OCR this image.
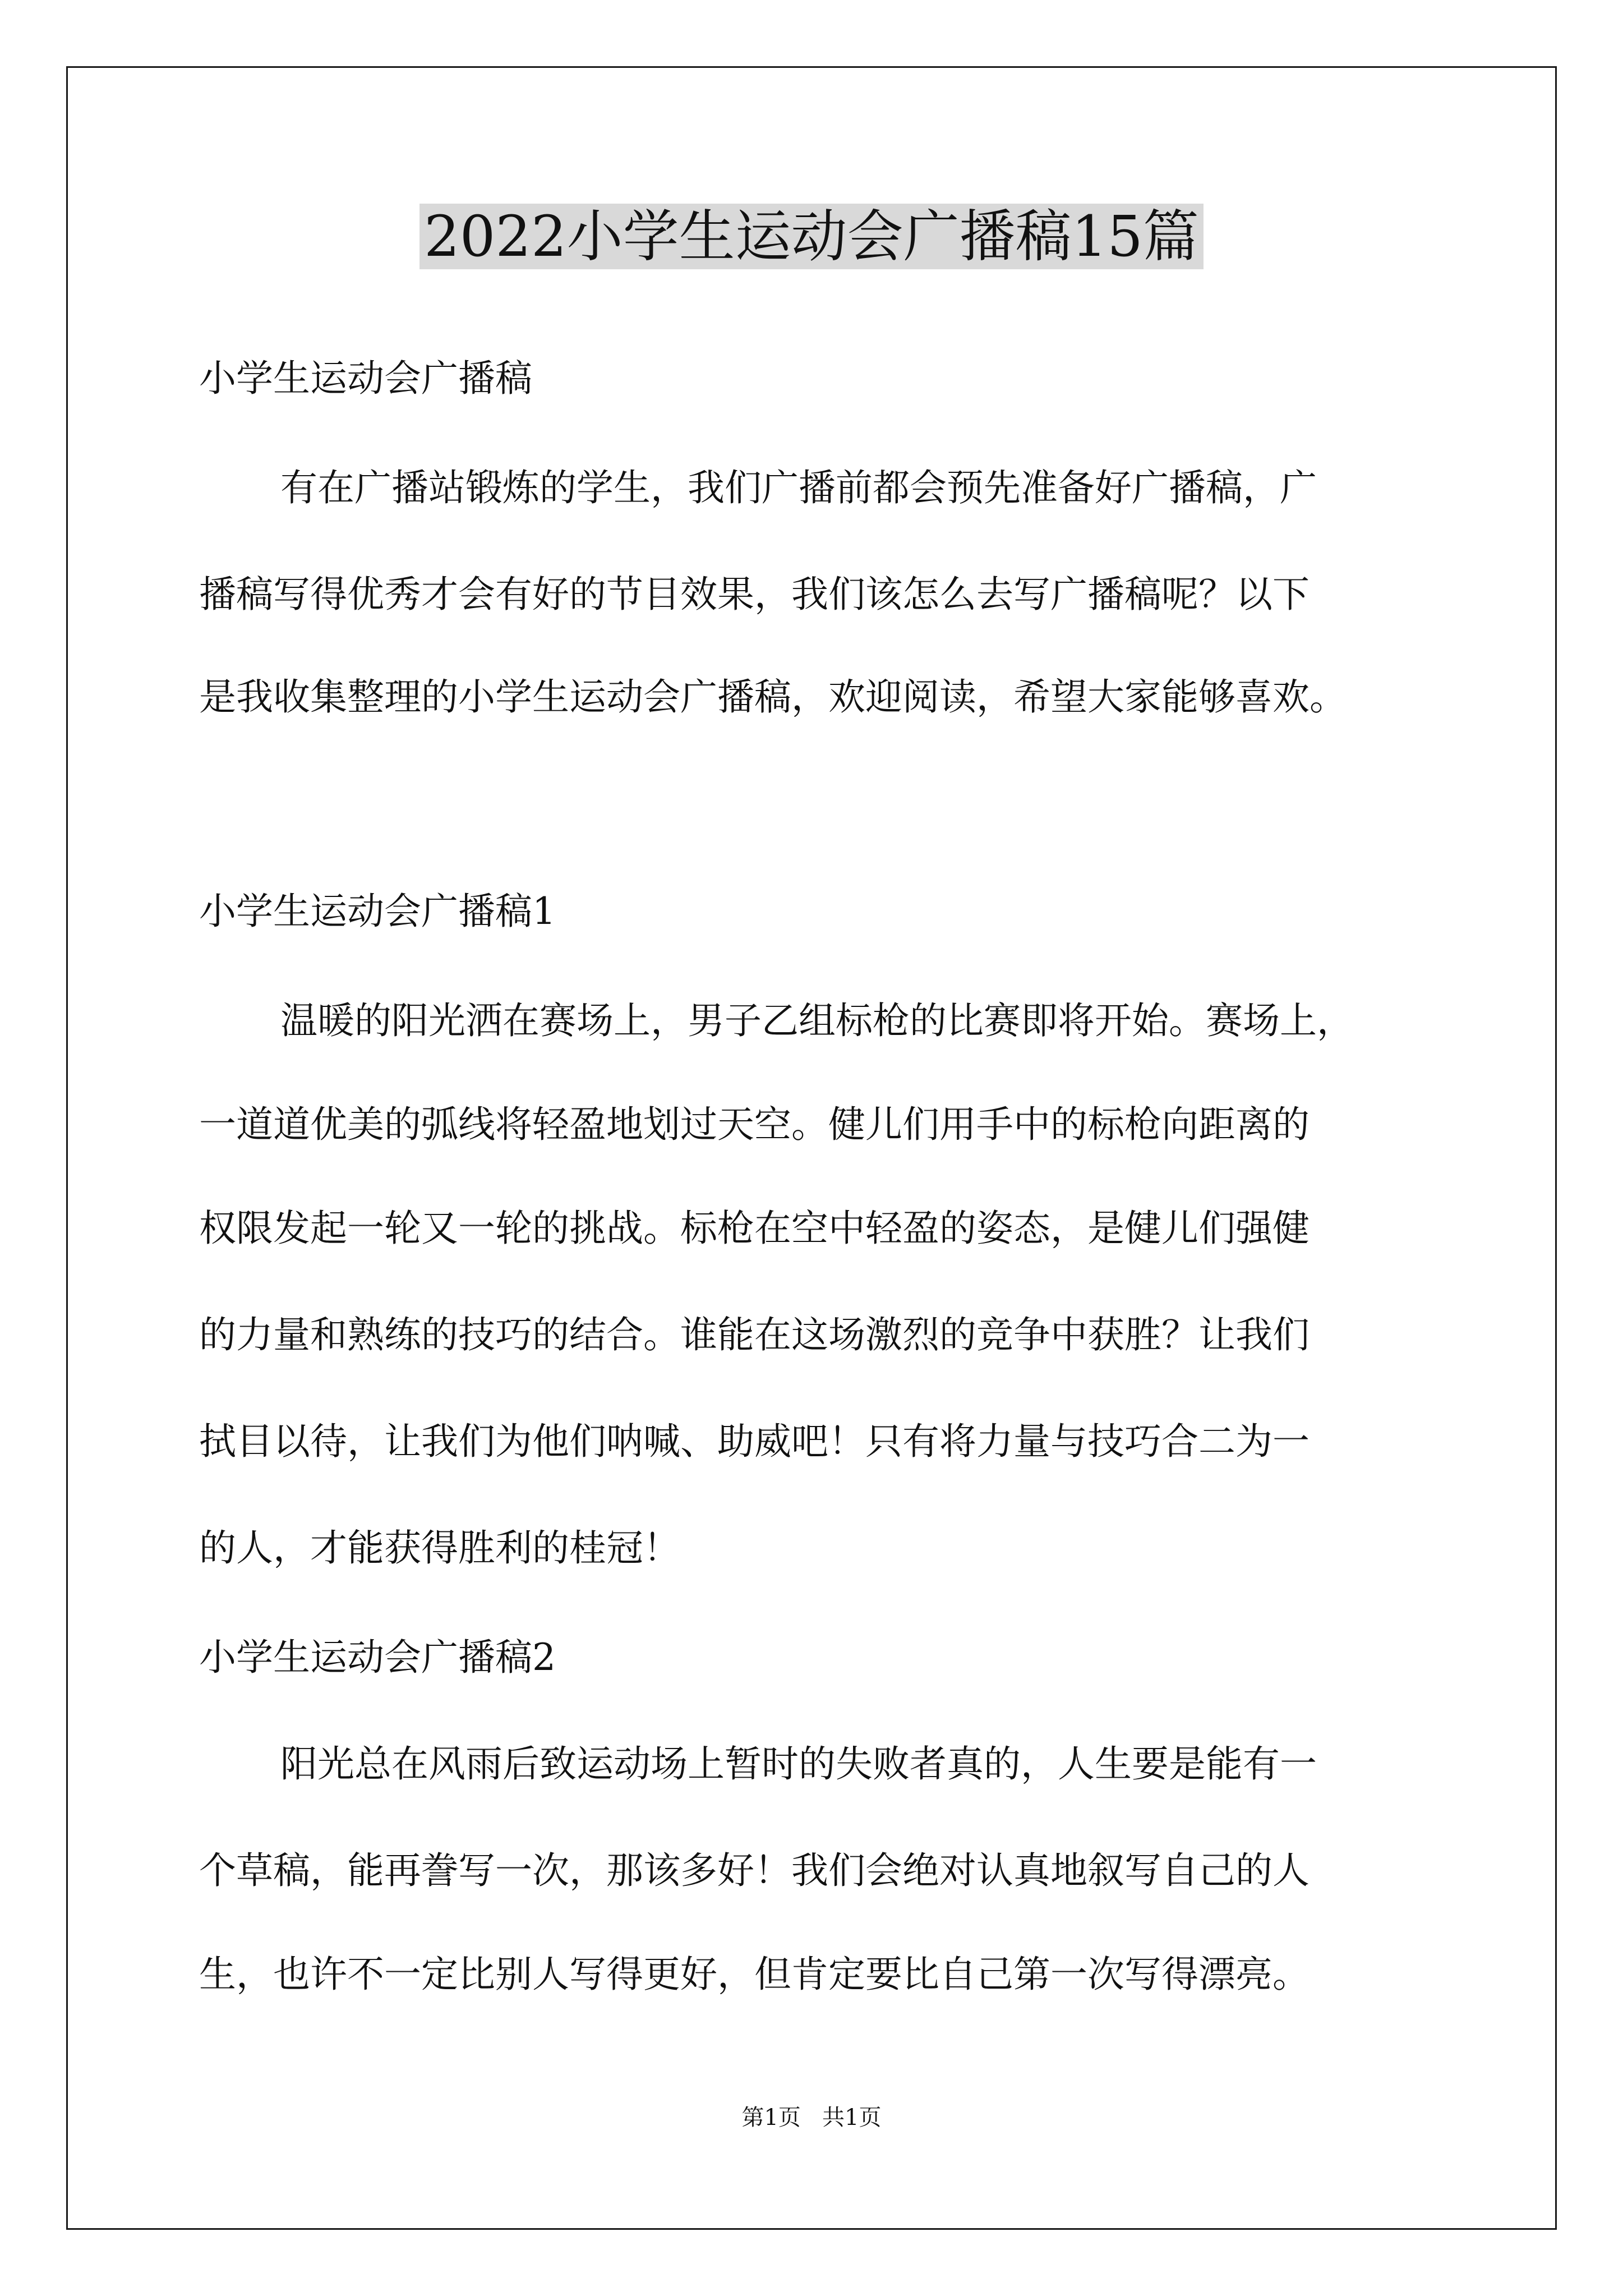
2022小学生运动会广播稿15篇

小学生运动会广播稿

有在广播站锻炼的学生，我们广播前都会预先准备好广播稿，广

播稿写得优秀才会有好的节目效果，我们该怎么去写广播稿呢？以下

是我收集整理的小学生运动会广播稿，欢迎阅读，希望大家能够喜欢。

小学生运动会广播稿1

温暖的阳光洒在赛场上，男子乙组标枪的比赛即将开始。赛场上，

一道道优美的弧线将轻盈地划过天空。健儿们用手中的标枪向距离的

权限发起一轮又一轮的挑战。标枪在空中轻盈的姿态，是健儿们强健

的力量和熟练的技巧的结合。谁能在这场激烈的竞争中获胜？让我们

拭目以待，让我们为他们呐喊、助威吧！只有将力量与技巧合二为一

的人，才能获得胜利的桂冠！

小学生运动会广播稿2

阳光总在风雨后致运动场上暂时的失败者真的，人生要是能有一

个草稿，能再誊写一次，那该多好！我们会绝对认真地叙写自己的人

生，也许不一定比别人写得更好，但肯定要比自己第一次写得漂亮。

第1页   共1页
